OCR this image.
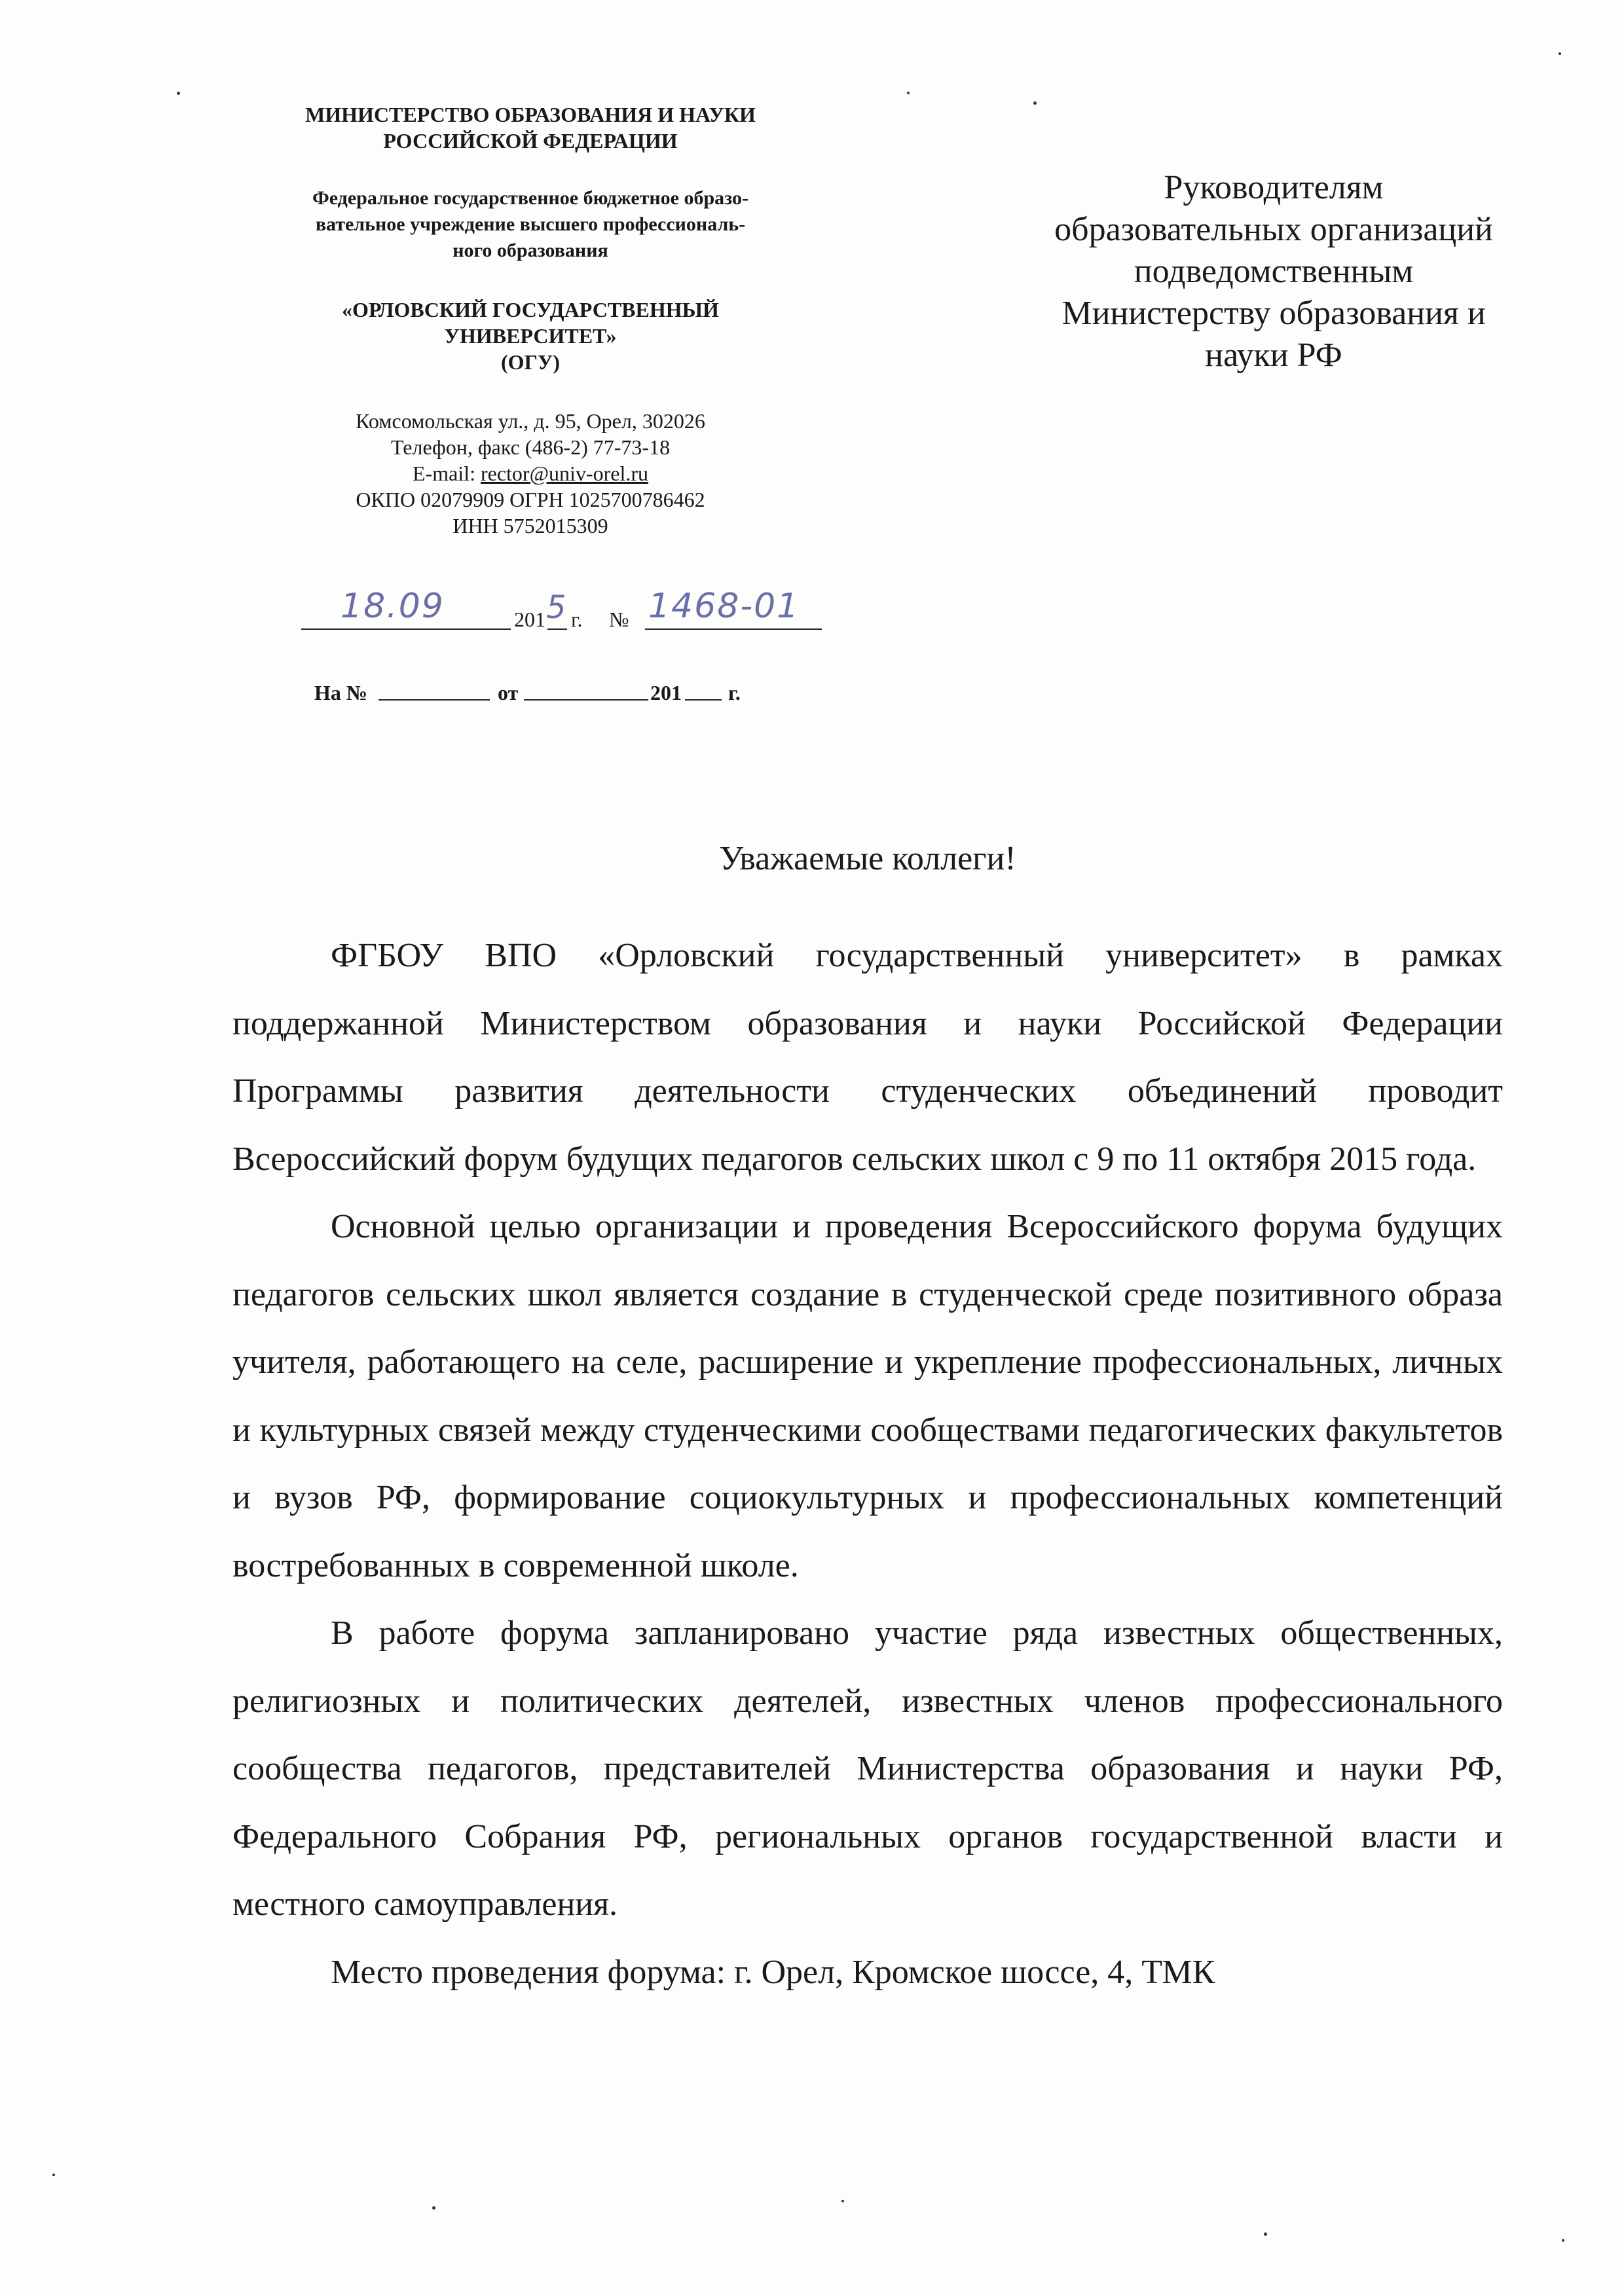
МИНИСТЕРСТВО ОБРАЗОВАНИЯ И НАУКИ
РОССИЙСКОЙ ФЕДЕРАЦИИ
Федеральное государственное бюджетное образо-
вательное учреждение высшего профессиональ-
ного образования
«ОРЛОВСКИЙ ГОСУДАРСТВЕННЫЙ
УНИВЕРСИТЕТ»
(ОГУ)
Комсомольская ул., д. 95, Орел, 302026
Телефон, факс (486-2) 77-73-18
E-mail: rector@univ-orel.ru
ОКПО 02079909 ОГРН 1025700786462
ИНН 5752015309
18.09	201 5 г. № 1468-01
На №	от	201 г.
Руководителям
образовательных организаций
подведомственным
Министерству образования и
науки РФ
Уважаемые коллеги!

ФГБОУ ВПО «Орловский государственный университет» в рамках поддержанной Министерством образования и науки Российской Федерации Программы развития деятельности студенческих объединений проводит Всероссийский форум будущих педагогов сельских школ с 9 по 11 октября 2015 года.

Основной целью организации и проведения Всероссийского форума будущих педагогов сельских школ является создание в студенческой среде позитивного образа учителя, работающего на селе, расширение и укрепление профессиональных, личных и культурных связей между студенческими сообществами педагогических факультетов и вузов РФ, формирование социокультурных и профессиональных компетенций востребованных в современной школе.

В работе форума запланировано участие ряда известных общественных, религиозных и политических деятелей, известных членов профессионального сообщества педагогов, представителей Министерства образования и науки РФ, Федерального Собрания РФ, региональных органов государственной власти и местного самоуправления.

Место проведения форума: г. Орел, Кромское шоссе, 4, ТМК
